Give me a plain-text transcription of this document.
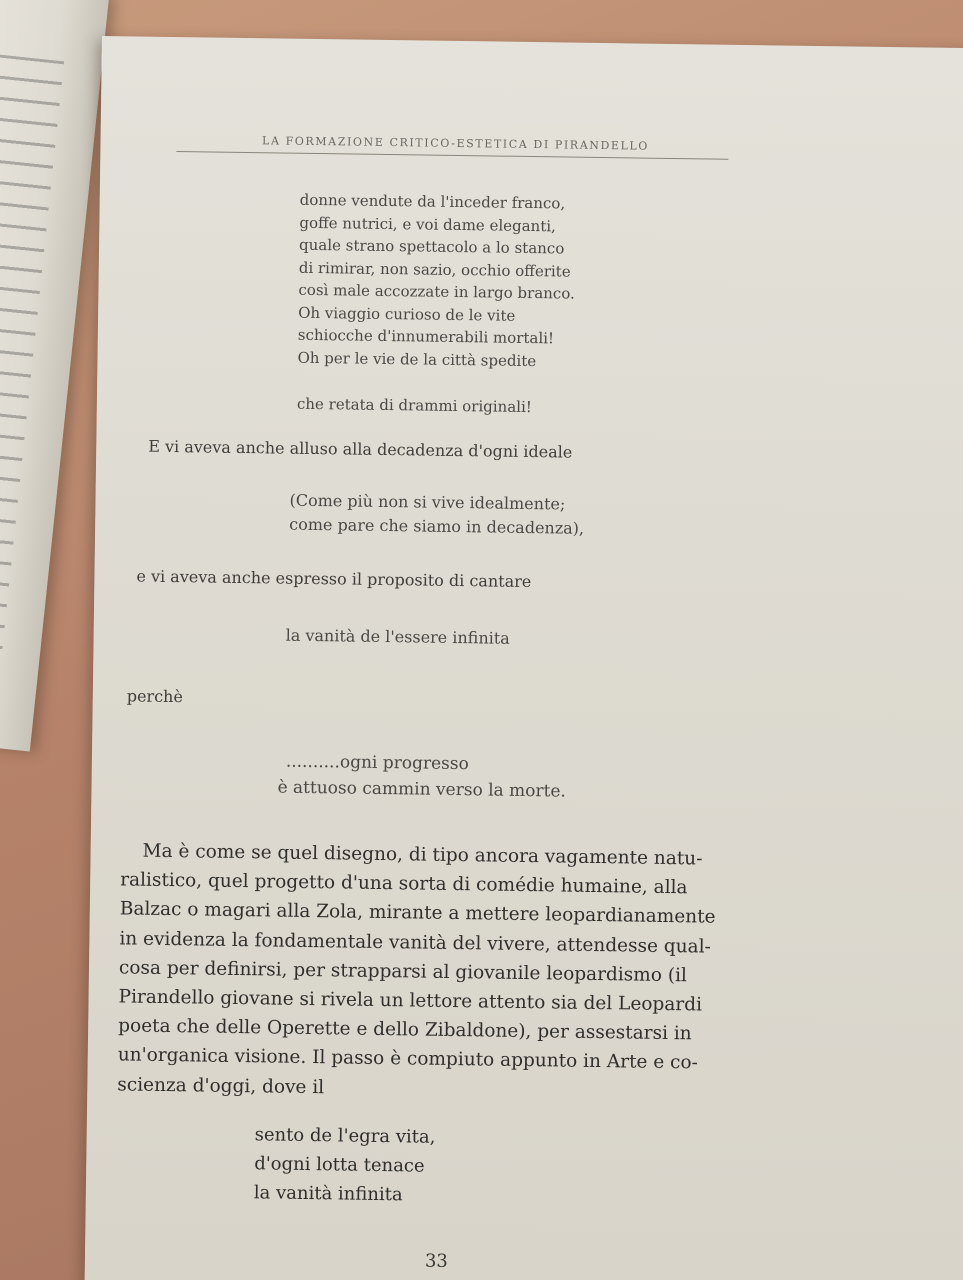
LA FORMAZIONE CRITICO-ESTETICA DI PIRANDELLO
donne vendute da l'inceder franco,
goffe nutrici, e voi dame eleganti,
quale strano spettacolo a lo stanco
di rimirar, non sazio, occhio offerite
così male accozzate in largo branco.
Oh viaggio curioso de le vite
schiocche d'innumerabili mortali!
Oh per le vie de la città spedite
che retata di drammi originali!
E vi aveva anche alluso alla decadenza d'ogni ideale
(Come più non si vive idealmente;
come pare che siamo in decadenza),
e vi aveva anche espresso il proposito di cantare
la vanità de l'essere infinita
perchè
..........ogni progresso
è attuoso cammin verso la morte.
Ma è come se quel disegno, di tipo ancora vagamente natu-
ralistico, quel progetto d'una sorta di comédie humaine, alla
Balzac o magari alla Zola, mirante a mettere leopardianamente
in evidenza la fondamentale vanità del vivere, attendesse qual-
cosa per definirsi, per strapparsi al giovanile leopardismo (il
Pirandello giovane si rivela un lettore attento sia del Leopardi
poeta che delle Operette e dello Zibaldone), per assestarsi in
un'organica visione. Il passo è compiuto appunto in Arte e co-
scienza d'oggi, dove il
sento de l'egra vita,
d'ogni lotta tenace
la vanità infinita
33
